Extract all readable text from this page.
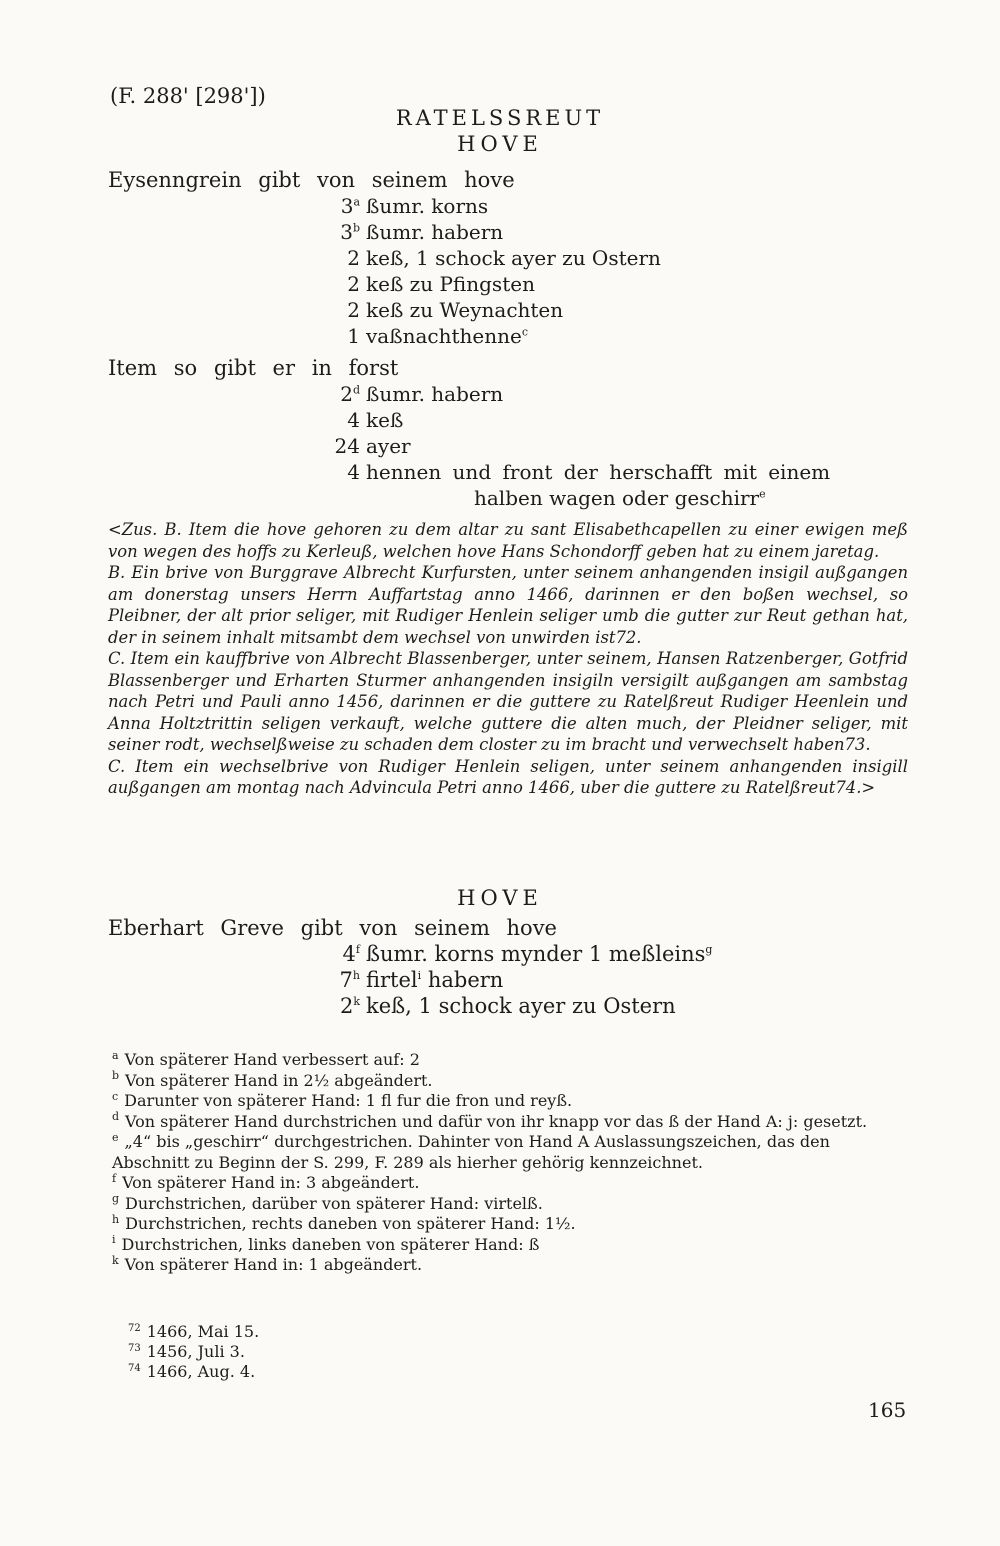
(F. 288' [298'])
RATELSSREUT
HOVE
Eysenngrein gibt von seinem hove
3$^a$ ßumr. korns
3$^b$ ßumr. habern
2 keß, 1 schock ayer zu Ostern
2 keß zu Pfingsten
2 keß zu Weynachten
1 vaßnachthenne$^c$
Item so gibt er in forst
2$^d$ ßumr. habern
4 keß
24 ayer
4 hennen und front der herschafft mit einem
halben wagen oder geschirr$^e$

<Zus. B. Item die hove gehoren zu dem altar zu sant Elisabethcapellen zu einer ewigen meß von wegen des hoffs zu Kerleuß, welchen hove Hans Schondorff geben hat zu einem jaretag.

B. Ein brive von Burggrave Albrecht Kurfursten, unter seinem anhangenden insigil außgangen am donerstag unsers Herrn Auffartstag anno 1466, darinnen er den boßen wechsel, so Pleibner, der alt prior seliger, mit Rudiger Henlein seliger umb die gutter zur Reut gethan hat, der in seinem inhalt mitsambt dem wechsel von unwirden ist72.

C. Item ein kauffbrive von Albrecht Blassenberger, unter seinem, Hansen Ratzenberger, Gotfrid Blassenberger und Erharten Sturmer anhangenden insigiln versigilt außgangen am sambstag nach Petri und Pauli anno 1456, darinnen er die guttere zu Ratelßreut Rudiger Heenlein und Anna Holtztrittin seligen verkauft, welche guttere die alten much, der Pleidner seliger, mit seiner rodt, wechselßweise zu schaden dem closter zu im bracht und verwechselt haben73.

C. Item ein wechselbrive von Rudiger Henlein seligen, unter seinem anhangenden insigill außgangen am montag nach Advincula Petri anno 1466, uber die guttere zu Ratelßreut74.>

HOVE
Eberhart Greve gibt von seinem hove
4$^f$ ßumr. korns mynder 1 meßleins$^g$
7$^h$ firtel$^i$ habern
2$^k$ keß, 1 schock ayer zu Ostern

$^a$ Von späterer Hand verbessert auf: 2

$^b$ Von späterer Hand in 2½ abgeändert.

$^c$ Darunter von späterer Hand: 1 fl fur die fron und reyß.

$^d$ Von späterer Hand durchstrichen und dafür von ihr knapp vor das ß der Hand A: j: gesetzt.

$^e$ „4“ bis „geschirr“ durchgestrichen. Dahinter von Hand A Auslassungszeichen, das den Abschnitt zu Beginn der S. 299, F. 289 als hierher gehörig kennzeichnet.

$^f$ Von späterer Hand in: 3 abgeändert.

$^g$ Durchstrichen, darüber von späterer Hand: virtelß.

$^h$ Durchstrichen, rechts daneben von späterer Hand: 1½.

$^i$ Durchstrichen, links daneben von späterer Hand: ß

$^k$ Von späterer Hand in: 1 abgeändert.

$^{72}$ 1466, Mai 15.

$^{73}$ 1456, Juli 3.

$^{74}$ 1466, Aug. 4.

165
